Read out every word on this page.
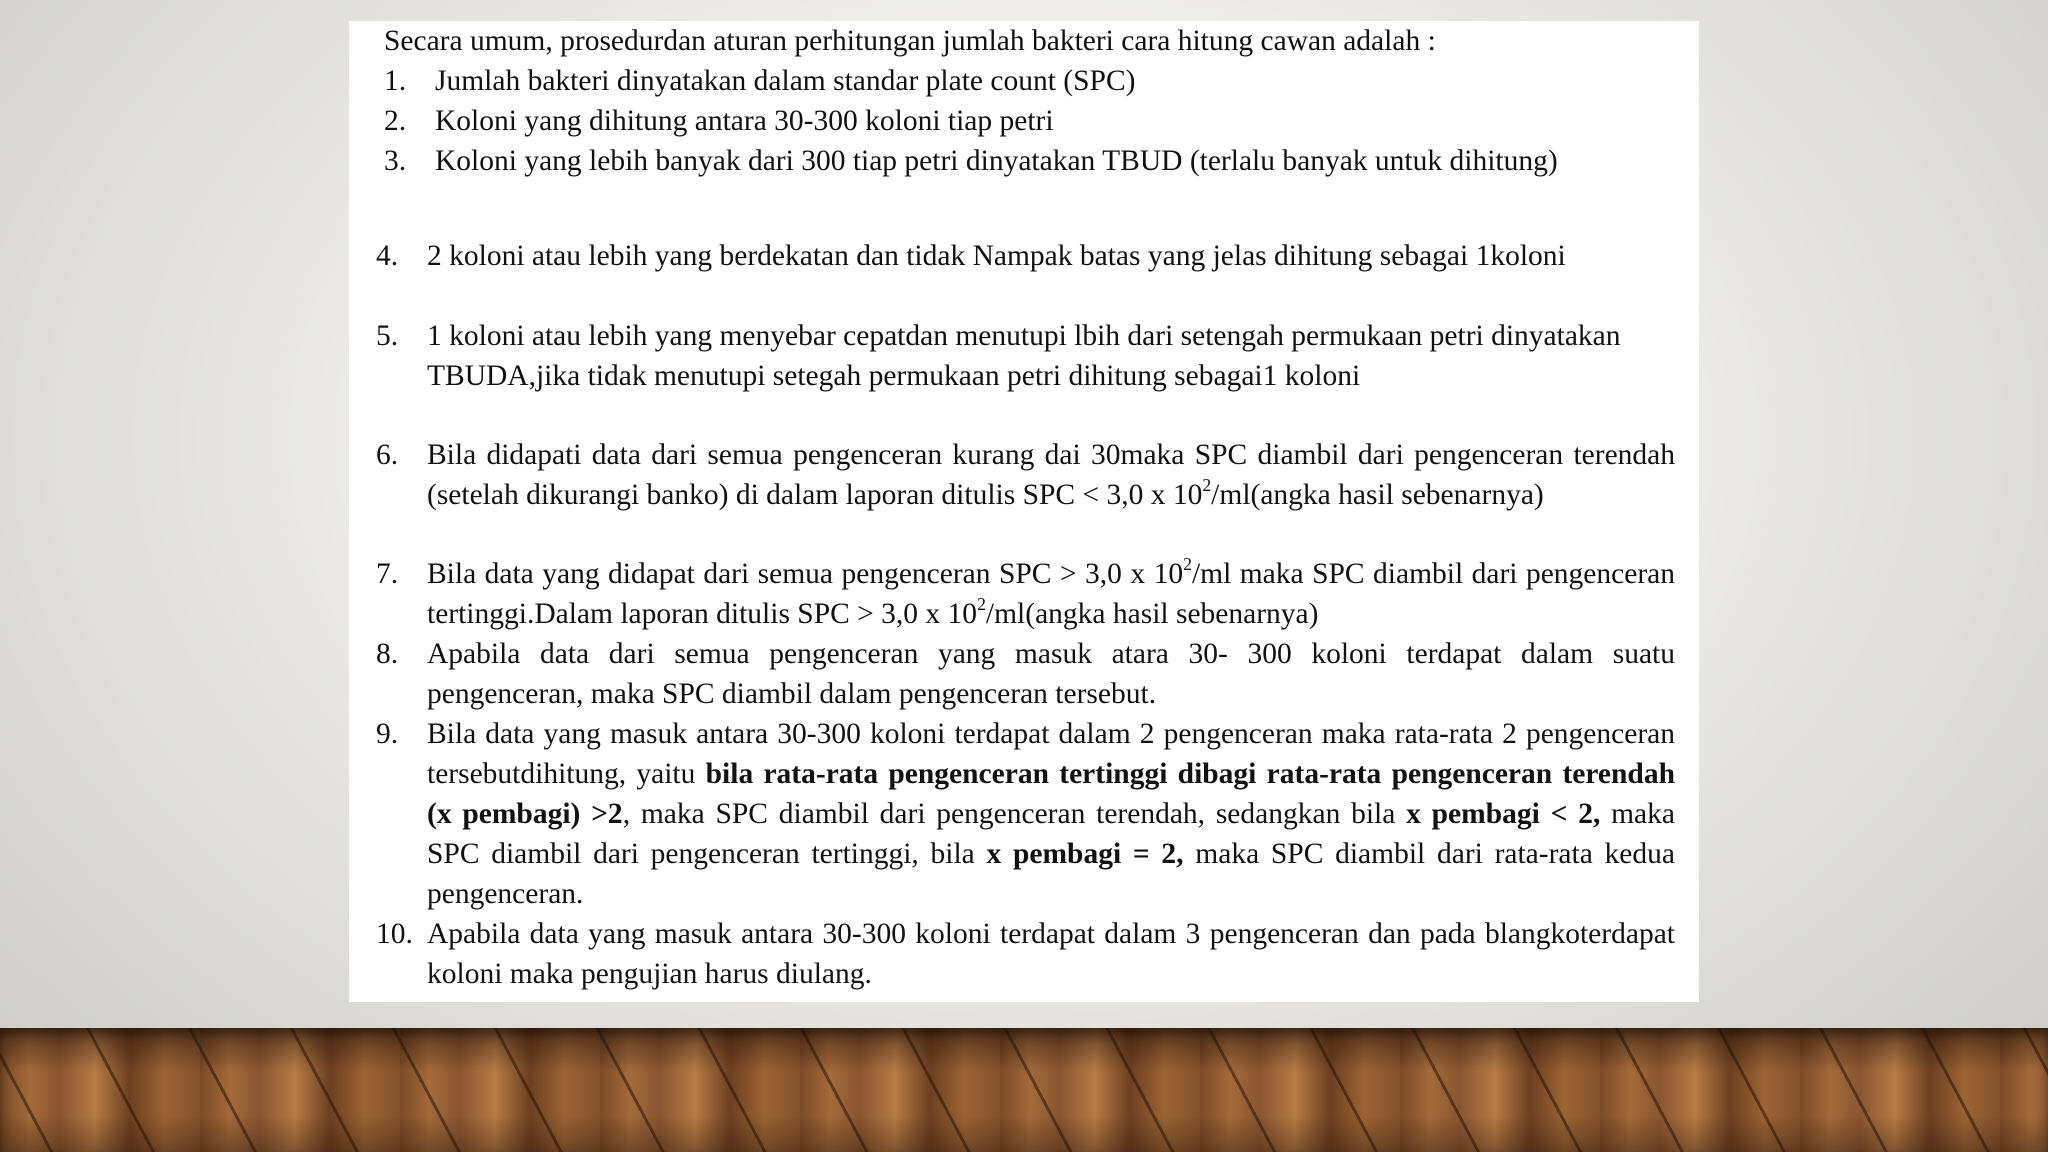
Secara umum, prosedurdan aturan perhitungan jumlah bakteri cara hitung cawan adalah :
1. Jumlah bakteri dinyatakan dalam standar plate count (SPC)
2. Koloni yang dihitung antara 30-300 koloni tiap petri
3. Koloni yang lebih banyak dari 300 tiap petri dinyatakan TBUD (terlalu banyak untuk dihitung)
4. 2 koloni atau lebih yang berdekatan dan tidak Nampak batas yang jelas dihitung sebagai 1koloni
5. 1 koloni atau lebih yang menyebar cepatdan menutupi lbih dari setengah permukaan petri dinyatakan TBUDA,jika tidak menutupi setegah permukaan petri dihitung sebagai1 koloni
6. Bila didapati data dari semua pengenceran kurang dai 30maka SPC diambil dari pengenceran terendah (setelah dikurangi banko) di dalam laporan ditulis SPC < 3,0 x $10^2/ml(angka$ hasil sebenarnya)
7. Bila data yang didapat dari semua pengenceran SPC > 3,0 x $10^2/ml$ maka SPC diambil dari pengenceran tertinggi.Dalam laporan ditulis SPC > 3,0 x $10^2/ml(angka$ hasil sebenarnya)
8. Apabila data dari semua pengenceran yang masuk atara 30- 300 koloni terdapat dalam suatu pengenceran, maka SPC diambil dalam pengenceran tersebut.
9. Bila data yang masuk antara 30-300 koloni terdapat dalam 2 pengenceran maka rata-rata 2 pengenceran tersebutdihitung, yaitu bila rata-rata pengenceran tertinggi dibagi rata-rata pengenceran terendah (x pembagi) >2, maka SPC diambil dari pengenceran terendah, sedangkan bila x pembagi < 2, maka SPC diambil dari pengenceran tertinggi, bila x pembagi = 2, maka SPC diambil dari rata-rata kedua pengenceran.
10. Apabila data yang masuk antara 30-300 koloni terdapat dalam 3 pengenceran dan pada blangkoterdapat koloni maka pengujian harus diulang.
